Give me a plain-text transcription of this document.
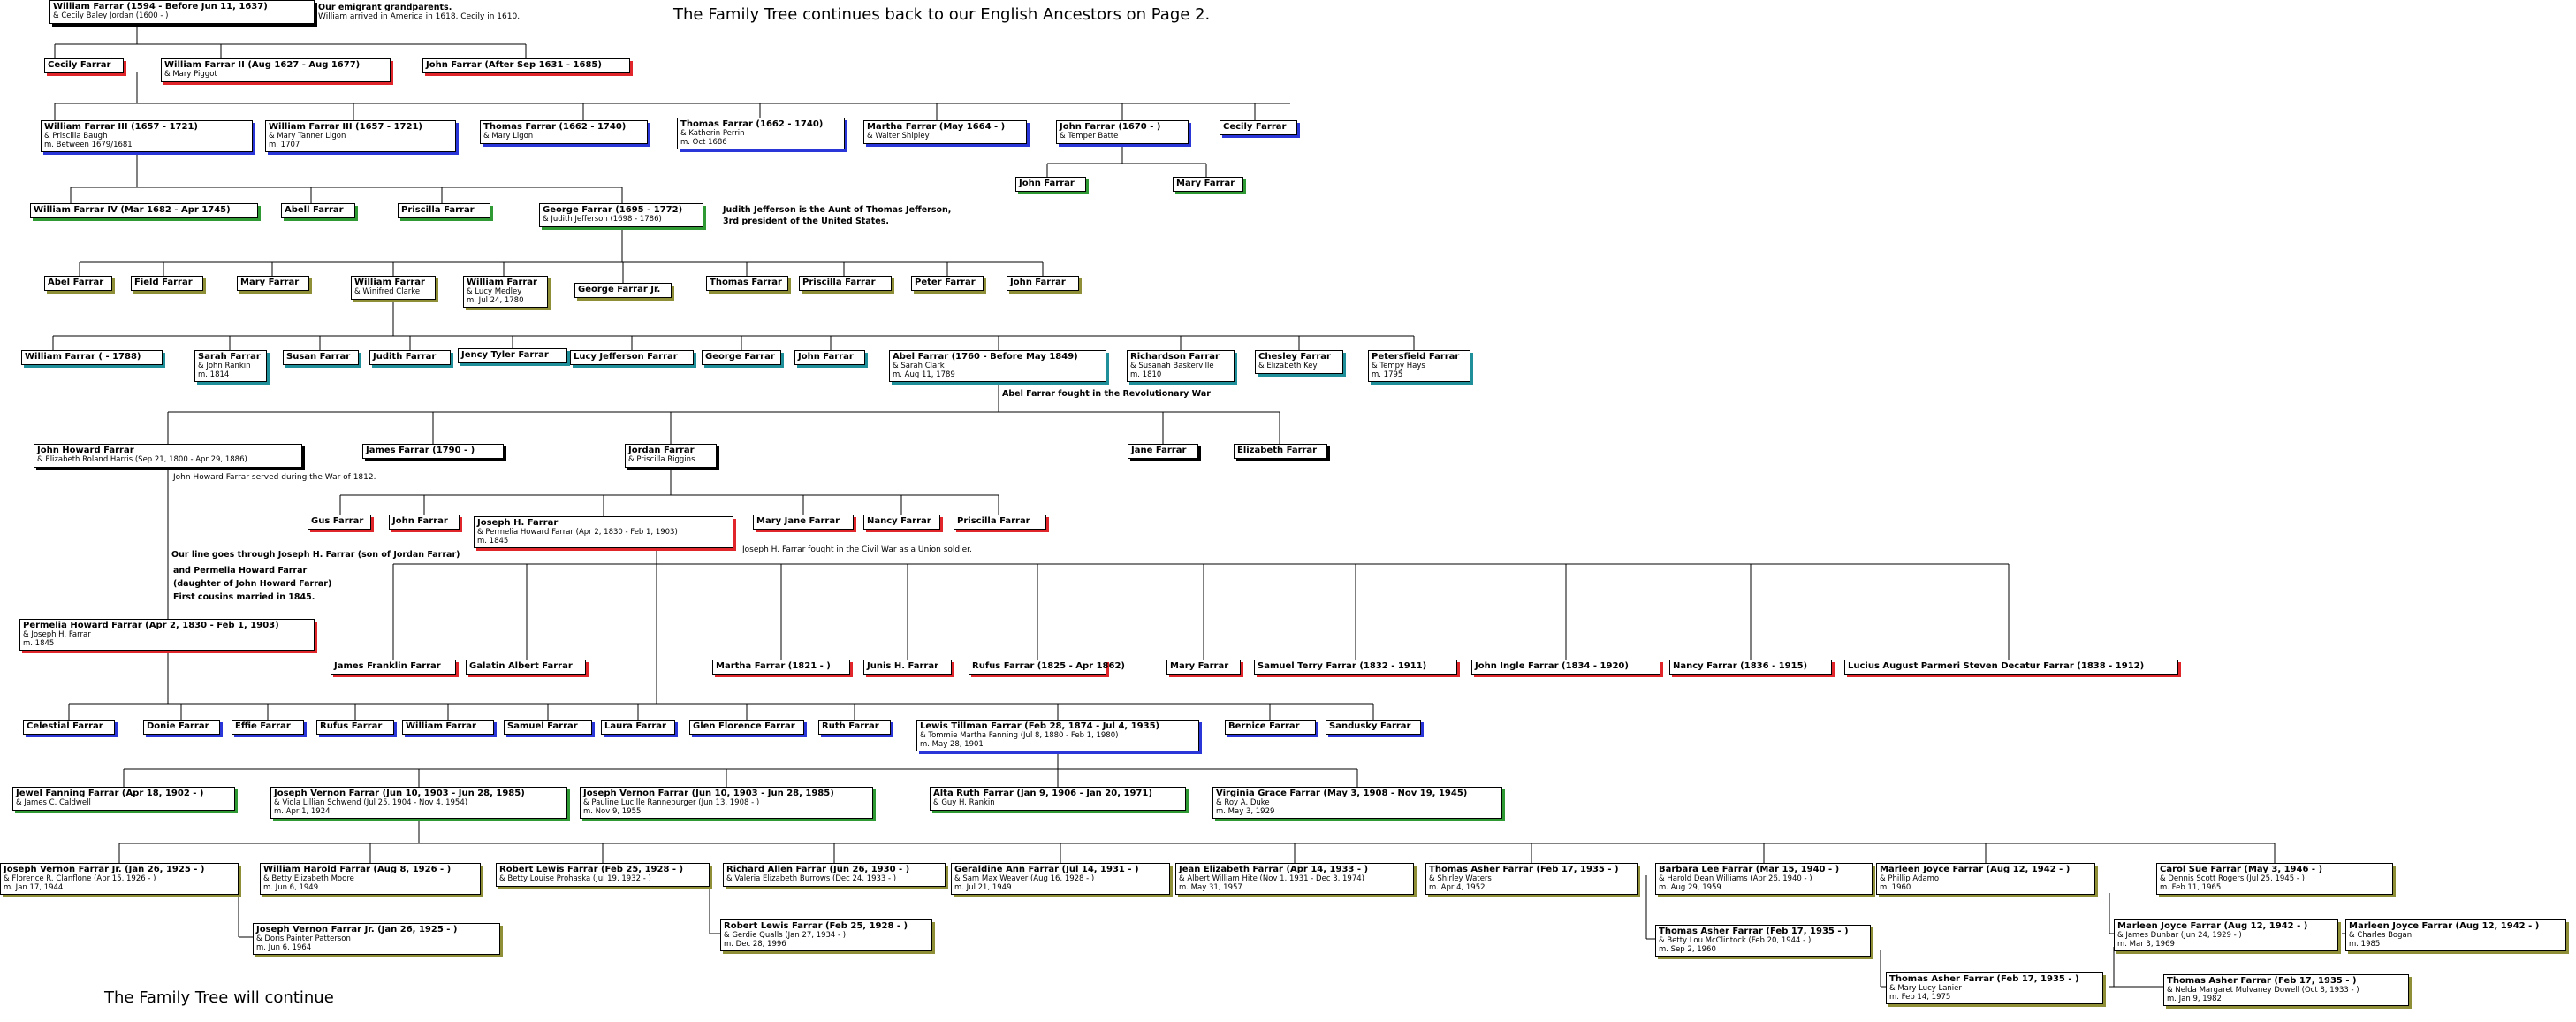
The Family Tree continues back to our English Ancestors on Page 2.
The Family Tree will continue
Our emigrant grandparents.
William arrived in America in 1618, Cecily in 1610.
Judith Jefferson is the Aunt of Thomas Jefferson,
3rd president of the United States.
Abel Farrar fought in the Revolutionary War
John Howard Farrar served during the War of 1812.
Our line goes through Joseph H. Farrar (son of Jordan Farrar)
and Permelia Howard Farrar
(daughter of John Howard Farrar)
First cousins married in 1845.
Joseph H. Farrar fought in the Civil War as a Union soldier.
William Farrar (1594 - Before Jun 11, 1637)
& Cecily Baley Jordan (1600 - )
Cecily Farrar	William Farrar II (Aug 1627 - Aug 1677)
& Mary Piggot
John Farrar (After Sep 1631 - 1685)
William Farrar III (1657 - 1721)
& Priscilla Baugh
m. Between 1679/1681
William Farrar III (1657 - 1721)
& Mary Tanner Ligon
m. 1707
Thomas Farrar (1662 - 1740)
& Mary Ligon
Thomas Farrar (1662 - 1740)
& Katherin Perrin
m. Oct 1686
Martha Farrar (May 1664 - )
& Walter Shipley
John Farrar (1670 - )
& Temper Batte
Cecily Farrar
John Farrar	Mary Farrar
William Farrar IV (Mar 1682 - Apr 1745)	Abell Farrar	Priscilla Farrar	George Farrar (1695 - 1772)
& Judith Jefferson (1698 - 1786)
Abel Farrar	Field Farrar	Mary Farrar	William Farrar
& Winifred Clarke
William Farrar
& Lucy Medley
m. Jul 24, 1780
George Farrar Jr.
Thomas Farrar	Priscilla Farrar	Peter Farrar	John Farrar
William Farrar ( - 1788)	Sarah Farrar
& John Rankin
m. 1814
Susan Farrar	Judith Farrar	Jency Tyler Farrar	Lucy Jefferson Farrar	George Farrar	John Farrar	Abel Farrar (1760 - Before May 1849)
& Sarah Clark
m. Aug 11, 1789
Richardson Farrar
& Susanah Baskerville
m. 1810
Chesley Farrar
& Elizabeth Key
Petersfield Farrar
& Tempy Hays
m. 1795
John Howard Farrar
& Elizabeth Roland Harris (Sep 21, 1800 - Apr 29, 1886)
James Farrar (1790 - )	Jordan Farrar
& Priscilla Riggins
Jane Farrar	Elizabeth Farrar
Gus Farrar	John Farrar	Joseph H. Farrar
& Permelia Howard Farrar (Apr 2, 1830 - Feb 1, 1903)
m. 1845
Mary Jane Farrar	Nancy Farrar	Priscilla Farrar
Permelia Howard Farrar (Apr 2, 1830 - Feb 1, 1903)
& Joseph H. Farrar
m. 1845
James Franklin Farrar	Galatin Albert Farrar	Martha Farrar (1821 - )	Junis H. Farrar	Rufus Farrar (1825 - Apr 1862)	Mary Farrar	Samuel Terry Farrar (1832 - 1911)	John Ingle Farrar (1834 - 1920)	Nancy Farrar (1836 - 1915)	Lucius August Parmeri Steven Decatur Farrar (1838 - 1912)
Celestial Farrar	Donie Farrar	Effie Farrar	Rufus Farrar	William Farrar	Samuel Farrar	Laura Farrar	Glen Florence Farrar	Ruth Farrar	Lewis Tillman Farrar (Feb 28, 1874 - Jul 4, 1935)
& Tommie Martha Fanning (Jul 8, 1880 - Feb 1, 1980)
m. May 28, 1901
Bernice Farrar	Sandusky Farrar
Jewel Fanning Farrar (Apr 18, 1902 - )
& James C. Caldwell
Joseph Vernon Farrar (Jun 10, 1903 - Jun 28, 1985)
& Viola Lillian Schwend (Jul 25, 1904 - Nov 4, 1954)
m. Apr 1, 1924
Joseph Vernon Farrar (Jun 10, 1903 - Jun 28, 1985)
& Pauline Lucille Ranneburger (Jun 13, 1908 - )
m. Nov 9, 1955
Alta Ruth Farrar (Jan 9, 1906 - Jan 20, 1971)
& Guy H. Rankin
Virginia Grace Farrar (May 3, 1908 - Nov 19, 1945)
& Roy A. Duke
m. May 3, 1929
Joseph Vernon Farrar Jr. (Jan 26, 1925 - )
& Florence R. Clanflone (Apr 15, 1926 - )
m. Jan 17, 1944
William Harold Farrar (Aug 8, 1926 - )
& Betty Elizabeth Moore
m. Jun 6, 1949
Robert Lewis Farrar (Feb 25, 1928 - )
& Betty Louise Prohaska (Jul 19, 1932 - )
Richard Allen Farrar (Jun 26, 1930 - )
& Valeria Elizabeth Burrows (Dec 24, 1933 - )
Geraldine Ann Farrar (Jul 14, 1931 - )
& Sam Max Weaver (Aug 16, 1928 - )
m. Jul 21, 1949
Jean Elizabeth Farrar (Apr 14, 1933 - )
& Albert William Hite (Nov 1, 1931 - Dec 3, 1974)
m. May 31, 1957
Thomas Asher Farrar (Feb 17, 1935 - )
& Shirley Waters
m. Apr 4, 1952
Barbara Lee Farrar (Mar 15, 1940 - )
& Harold Dean Williams (Apr 26, 1940 - )
m. Aug 29, 1959
Marleen Joyce Farrar (Aug 12, 1942 - )
& Phillip Adamo
m. 1960
Carol Sue Farrar (May 3, 1946 - )
& Dennis Scott Rogers (Jul 25, 1945 - )
m. Feb 11, 1965
Joseph Vernon Farrar Jr. (Jan 26, 1925 - )
& Doris Painter Patterson
m. Jun 6, 1964
Robert Lewis Farrar (Feb 25, 1928 - )
& Gerdie Qualls (Jan 27, 1934 - )
m. Dec 28, 1996
Thomas Asher Farrar (Feb 17, 1935 - )
& Betty Lou McClintock (Feb 20, 1944 - )
m. Sep 2, 1960
Marleen Joyce Farrar (Aug 12, 1942 - )
& James Dunbar (Jun 24, 1929 - )
m. Mar 3, 1969
Marleen Joyce Farrar (Aug 12, 1942 - )
& Charles Bogan
m. 1985
Thomas Asher Farrar (Feb 17, 1935 - )
& Mary Lucy Lanier
m. Feb 14, 1975
Thomas Asher Farrar (Feb 17, 1935 - )
& Nelda Margaret Mulvaney Dowell (Oct 8, 1933 - )
m. Jan 9, 1982
